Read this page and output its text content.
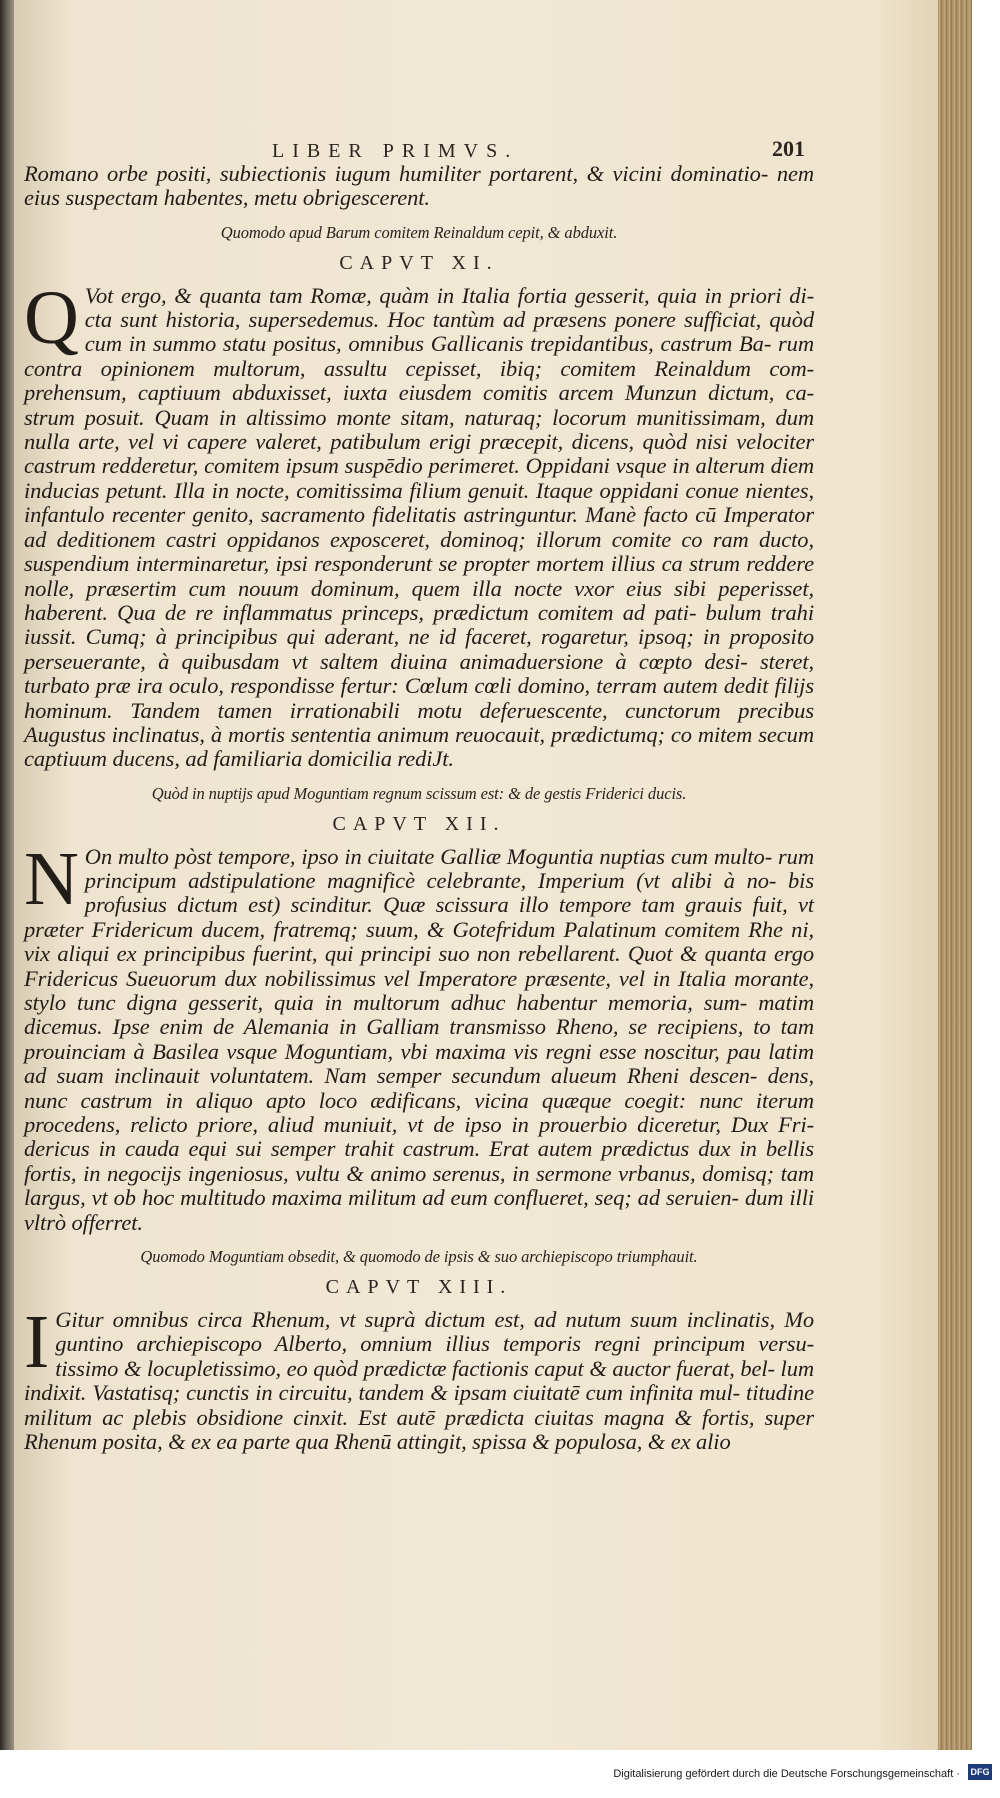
LIBER PRIMVS.	201

Romano orbe positi, subiectionis iugum humiliter portarent, & vicini dominatio- nem eius suspectam habentes, metu obrigescerent.

Quomodo apud Barum comitem Reinaldum cepit, & abduxit.
CAPVT XI.

Q Vot ergo, & quanta tam Romæ, quàm in Italia fortia gesserit, quia in priori di- cta sunt historia, supersedemus. Hoc tantùm ad præsens ponere sufficiat, quòd cum in summo statu positus, omnibus Gallicanis trepidantibus, castrum Ba- rum contra opinionem multorum, assultu cepisset, ibiq; comitem Reinaldum com- prehensum, captiuum abduxisset, iuxta eiusdem comitis arcem Munzun dictum, ca- strum posuit. Quam in altissimo monte sitam, naturaq; locorum munitissimam, dum nulla arte, vel vi capere valeret, patibulum erigi præcepit, dicens, quòd nisi velociter castrum redderetur, comitem ipsum suspēdio perimeret. Oppidani vsque in alterum diem inducias petunt. Illa in nocte, comitissima filium genuit. Itaque oppidani conue nientes, infantulo recenter genito, sacramento fidelitatis astringuntur. Manè facto cū Imperator ad deditionem castri oppidanos exposceret, dominoq; illorum comite co ram ducto, suspendium interminaretur, ipsi responderunt se propter mortem illius ca strum reddere nolle, præsertim cum nouum dominum, quem illa nocte vxor eius sibi peperisset, haberent. Qua de re inflammatus princeps, prædictum comitem ad pati- bulum trahi iussit. Cumq; à principibus qui aderant, ne id faceret, rogaretur, ipsoq; in proposito perseuerante, à quibusdam vt saltem diuina animaduersione à cœpto desi- steret, turbato præ ira oculo, respondisse fertur: Cœlum cœli domino, terram autem dedit filijs hominum. Tandem tamen irrationabili motu deferuescente, cunctorum precibus Augustus inclinatus, à mortis sententia animum reuocauit, prædictumq; co mitem secum captiuum ducens, ad familiaria domicilia rediJt.

Quòd in nuptijs apud Moguntiam regnum scissum est: & de gestis Friderici ducis.
CAPVT XII.

N On multo pòst tempore, ipso in ciuitate Galliæ Moguntia nuptias cum multo- rum principum adstipulatione magnificè celebrante, Imperium (vt alibi à no- bis profusius dictum est) scinditur. Quæ scissura illo tempore tam grauis fuit, vt præter Fridericum ducem, fratremq; suum, & Gotefridum Palatinum comitem Rhe ni, vix aliqui ex principibus fuerint, qui principi suo non rebellarent. Quot & quanta ergo Fridericus Sueuorum dux nobilissimus vel Imperatore præsente, vel in Italia morante, stylo tunc digna gesserit, quia in multorum adhuc habentur memoria, sum- matim dicemus. Ipse enim de Alemania in Galliam transmisso Rheno, se recipiens, to tam prouinciam à Basilea vsque Moguntiam, vbi maxima vis regni esse noscitur, pau latim ad suam inclinauit voluntatem. Nam semper secundum alueum Rheni descen- dens, nunc castrum in aliquo apto loco ædificans, vicina quæque coegit: nunc iterum procedens, relicto priore, aliud muniuit, vt de ipso in prouerbio diceretur, Dux Fri- dericus in cauda equi sui semper trahit castrum. Erat autem prædictus dux in bellis fortis, in negocijs ingeniosus, vultu & animo serenus, in sermone vrbanus, domisq; tam largus, vt ob hoc multitudo maxima militum ad eum conflueret, seq; ad seruien- dum illi vltrò offerret.

Quomodo Moguntiam obsedit, & quomodo de ipsis & suo archiepiscopo triumphauit.
CAPVT XIII.

I Gitur omnibus circa Rhenum, vt suprà dictum est, ad nutum suum inclinatis, Mo guntino archiepiscopo Alberto, omnium illius temporis regni principum versu- tissimo & locupletissimo, eo quòd prædictæ factionis caput & auctor fuerat, bel- lum indixit. Vastatisq; cunctis in circuitu, tandem & ipsam ciuitatē cum infinita mul- titudine militum ac plebis obsidione cinxit. Est autē prædicta ciuitas magna & fortis, super Rhenum posita, & ex ea parte qua Rhenū attingit, spissa & populosa, & ex alio

Digitalisierung gefördert durch die Deutsche Forschungsgemeinschaft · DFG
